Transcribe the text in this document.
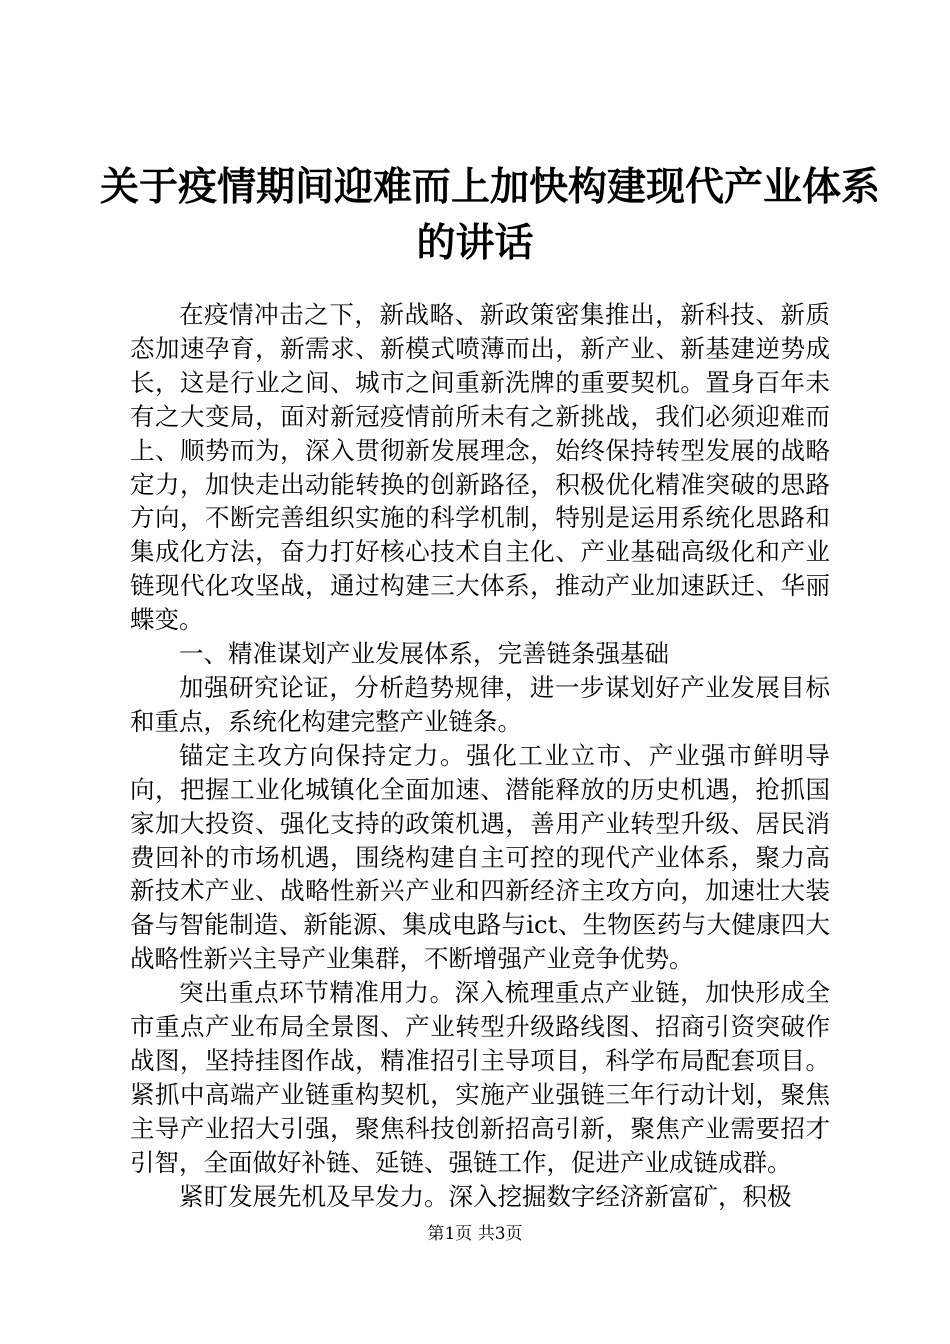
关于疫情期间迎难而上加快构建现代产业体系
的讲话

在疫情冲击之下，新战略、新政策密集推出，新科技、新质态加速孕育，新需求、新模式喷薄而出，新产业、新基建逆势成长，这是行业之间、城市之间重新洗牌的重要契机。置身百年未有之大变局，面对新冠疫情前所未有之新挑战，我们必须迎难而上、顺势而为，深入贯彻新发展理念，始终保持转型发展的战略定力，加快走出动能转换的创新路径，积极优化精准突破的思路方向，不断完善组织实施的科学机制，特别是运用系统化思路和集成化方法，奋力打好核心技术自主化、产业基础高级化和产业链现代化攻坚战，通过构建三大体系，推动产业加速跃迁、华丽蝶变。

一、精准谋划产业发展体系，完善链条强基础

加强研究论证，分析趋势规律，进一步谋划好产业发展目标和重点，系统化构建完整产业链条。

锚定主攻方向保持定力。强化工业立市、产业强市鲜明导向，把握工业化城镇化全面加速、潜能释放的历史机遇，抢抓国家加大投资、强化支持的政策机遇，善用产业转型升级、居民消费回补的市场机遇，围绕构建自主可控的现代产业体系，聚力高新技术产业、战略性新兴产业和四新经济主攻方向，加速壮大装备与智能制造、新能源、集成电路与ict、生物医药与大健康四大战略性新兴主导产业集群，不断增强产业竞争优势。

突出重点环节精准用力。深入梳理重点产业链，加快形成全市重点产业布局全景图、产业转型升级路线图、招商引资突破作战图，坚持挂图作战，精准招引主导项目，科学布局配套项目。紧抓中高端产业链重构契机，实施产业强链三年行动计划，聚焦主导产业招大引强，聚焦科技创新招高引新，聚焦产业需要招才引智，全面做好补链、延链、强链工作，促进产业成链成群。

紧盯发展先机及早发力。深入挖掘数字经济新富矿，积极

第1页 共3页
